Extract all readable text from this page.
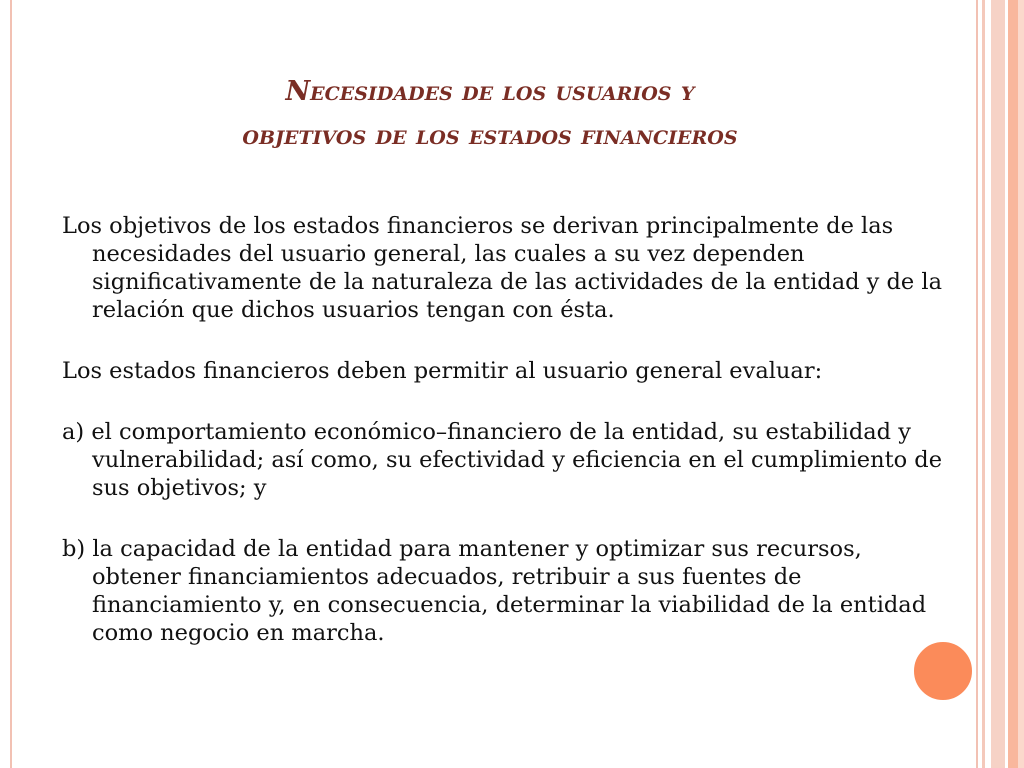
Necesidades de los usuarios y
objetivos de los estados financieros

Los objetivos de los estados financieros se derivan principalmente de las necesidades del usuario general, las cuales a su vez dependen significativamente de la naturaleza de las actividades de la entidad y de la relación que dichos usuarios tengan con ésta.

Los estados financieros deben permitir al usuario general evaluar:

a) el comportamiento económico–financiero de la entidad, su estabilidad y vulnerabilidad; así como, su efectividad y eficiencia en el cumplimiento de sus objetivos; y

b) la capacidad de la entidad para mantener y optimizar sus recursos, obtener financiamientos adecuados, retribuir a sus fuentes de financiamiento y, en consecuencia, determinar la viabilidad de la entidad como negocio en marcha.
